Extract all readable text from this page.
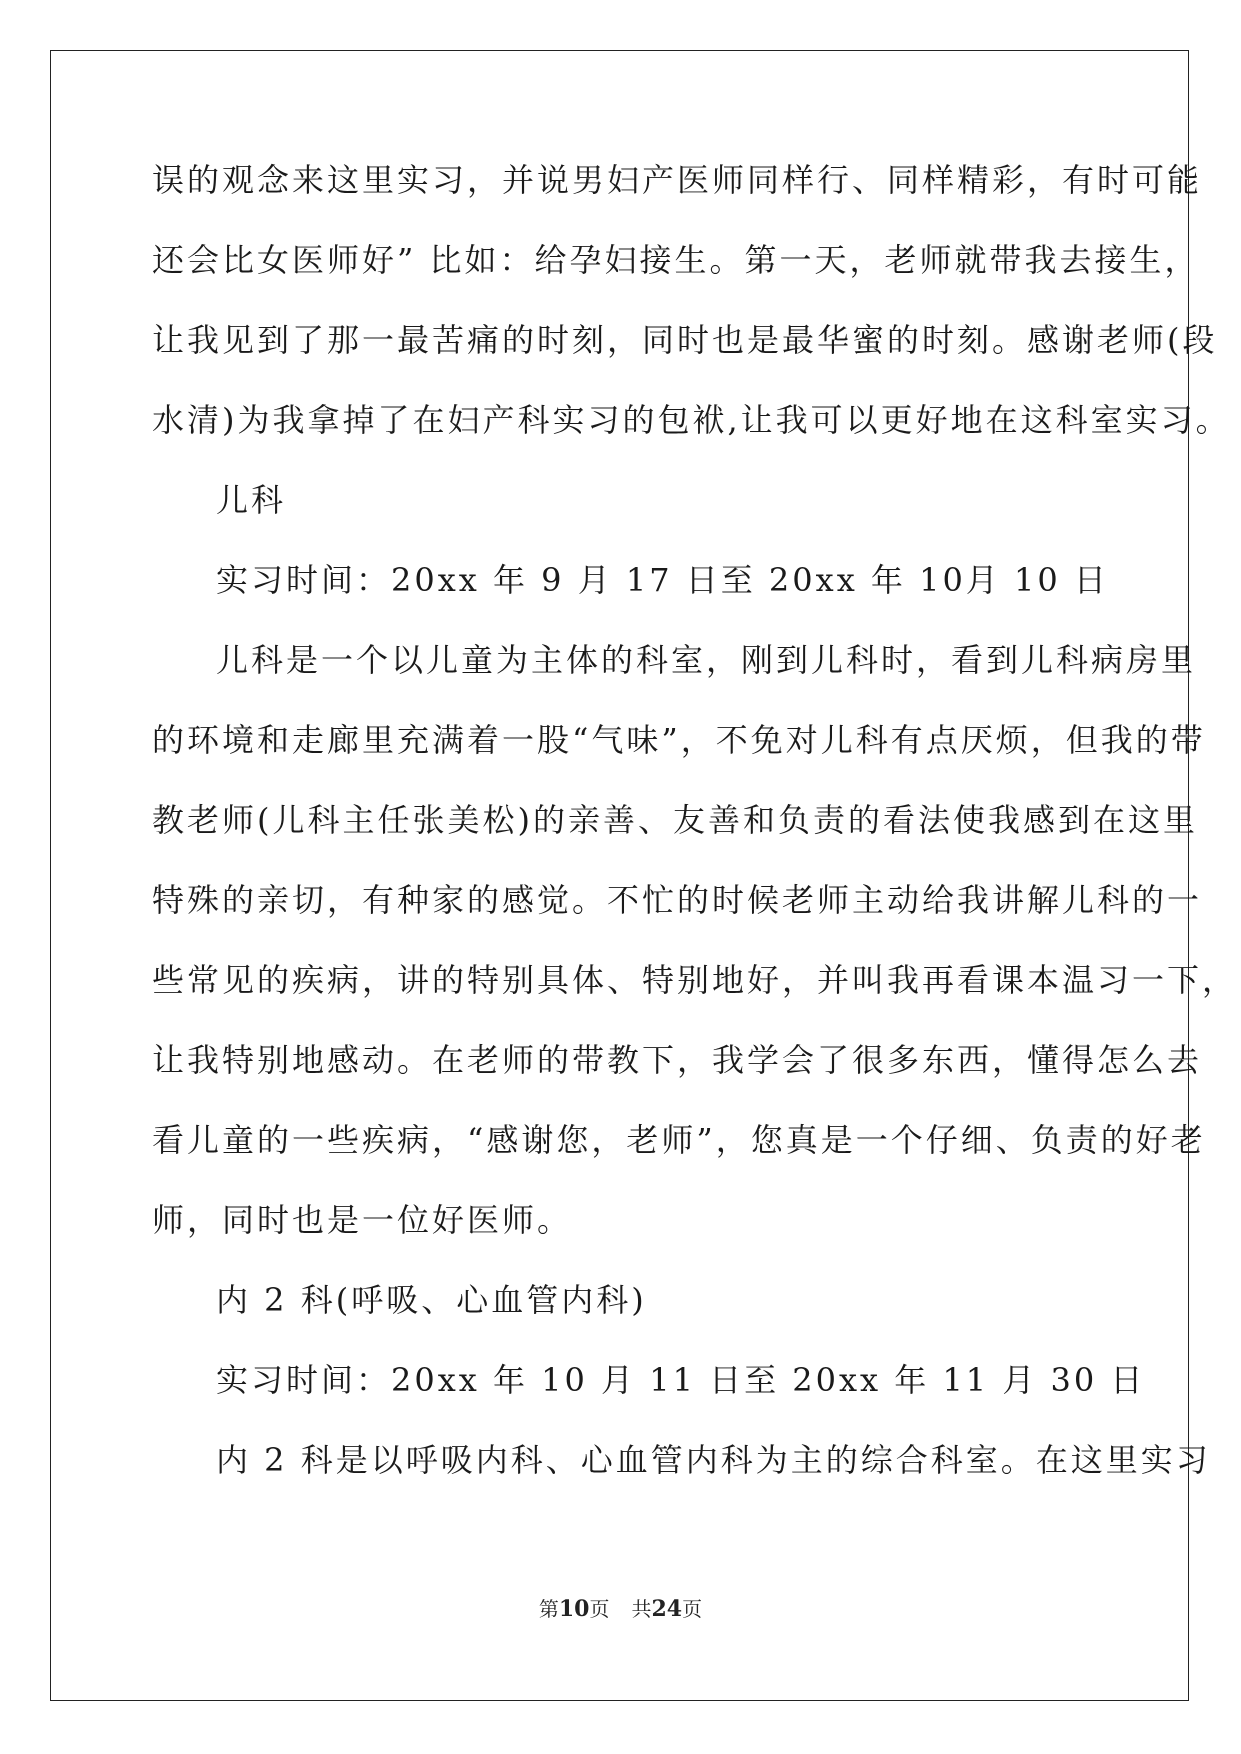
误的观念来这里实习，并说男妇产医师同样行、同样精彩，有时可能
还会比女医师好” 比如：给孕妇接生。第一天，老师就带我去接生，
让我见到了那一最苦痛的时刻，同时也是最华蜜的时刻。感谢老师(段
水清)为我拿掉了在妇产科实习的包袱,让我可以更好地在这科室实习。
儿科
实习时间：20xx 年 9 月 17 日至 20xx 年 10月 10 日
儿科是一个以儿童为主体的科室，刚到儿科时，看到儿科病房里
的环境和走廊里充满着一股“气味”，不免对儿科有点厌烦，但我的带
教老师(儿科主任张美松)的亲善、友善和负责的看法使我感到在这里
特殊的亲切，有种家的感觉。不忙的时候老师主动给我讲解儿科的一
些常见的疾病，讲的特别具体、特别地好，并叫我再看课本温习一下，
让我特别地感动。在老师的带教下，我学会了很多东西，懂得怎么去
看儿童的一些疾病，“感谢您，老师”，您真是一个仔细、负责的好老
师，同时也是一位好医师。
内 2 科(呼吸、心血管内科)
实习时间：20xx 年 10 月 11 日至 20xx 年 11 月 30 日
内 2 科是以呼吸内科、心血管内科为主的综合科室。在这里实习
第10页 共24页
